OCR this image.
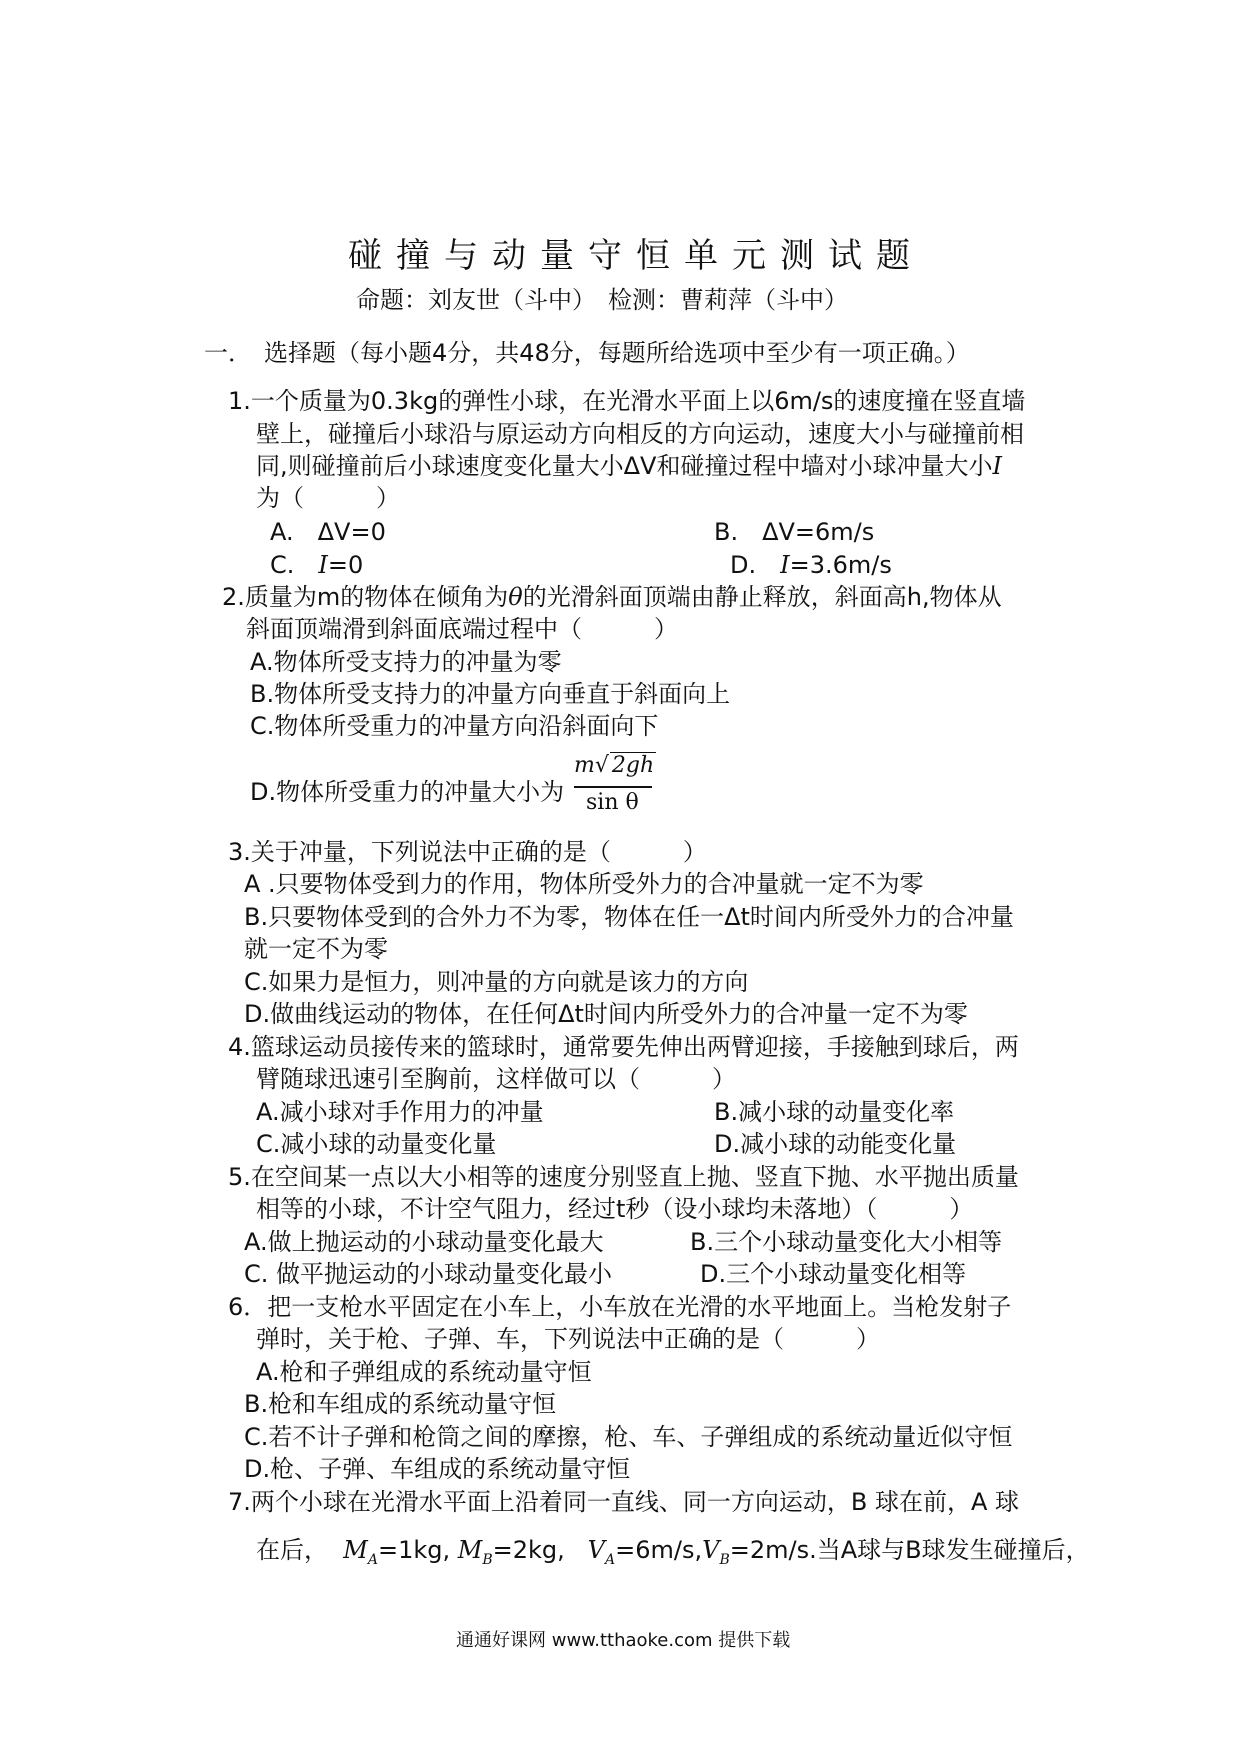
碰撞与动量守恒单元测试题
命题：刘友世（斗中）　检测：曹莉萍（斗中）
一．　选择题（每小题4分，共48分，每题所给选项中至少有一项正确。）
1.一个质量为0.3kg的弹性小球，在光滑水平面上以6m/s的速度撞在竖直墙
壁上，碰撞后小球沿与原运动方向相反的方向运动，速度大小与碰撞前相
同,则碰撞前后小球速度变化量大小ΔV和碰撞过程中墙对小球冲量大小I
为（　　　）
A.　ΔV=0	B.　ΔV=6m/s
C.　I=0	D.　I=3.6m/s
2.质量为m的物体在倾角为θ的光滑斜面顶端由静止释放，斜面高h,物体从
斜面顶端滑到斜面底端过程中（　　　）
A.物体所受支持力的冲量为零
B.物体所受支持力的冲量方向垂直于斜面向上
C.物体所受重力的冲量方向沿斜面向下
D.物体所受重力的冲量大小为
m√ 2gh
sin θ
3.关于冲量，下列说法中正确的是（　　　）
A .只要物体受到力的作用，物体所受外力的合冲量就一定不为零
B.只要物体受到的合外力不为零，物体在任一Δt时间内所受外力的合冲量
就一定不为零
C.如果力是恒力，则冲量的方向就是该力的方向
D.做曲线运动的物体，在任何Δt时间内所受外力的合冲量一定不为零
4.篮球运动员接传来的篮球时，通常要先伸出两臂迎接，手接触到球后，两
臂随球迅速引至胸前，这样做可以（　　　）
A.减小球对手作用力的冲量	B.减小球的动量变化率
C.减小球的动量变化量	D.减小球的动能变化量
5.在空间某一点以大小相等的速度分别竖直上抛、竖直下抛、水平抛出质量
相等的小球，不计空气阻力，经过t秒（设小球均未落地）（　　　）
A.做上抛运动的小球动量变化最大	B.三个小球动量变化大小相等
C. 做平抛运动的小球动量变化最小	D.三个小球动量变化相等
6．把一支枪水平固定在小车上，小车放在光滑的水平地面上。当枪发射子
弹时，关于枪、子弹、车，下列说法中正确的是（　　　）
A.枪和子弹组成的系统动量守恒
B.枪和车组成的系统动量守恒
C.若不计子弹和枪筒之间的摩擦，枪、车、子弹组成的系统动量近似守恒
D.枪、子弹、车组成的系统动量守恒
7.两个小球在光滑水平面上沿着同一直线、同一方向运动，B 球在前，A 球
在后， $M_A=1kg$, $M_B=2kg$, $V_A=6m/s,V_B=2m/s$.当A球与B球发生碰撞后，
通通好课网 www.tthaoke.com 提供下载
